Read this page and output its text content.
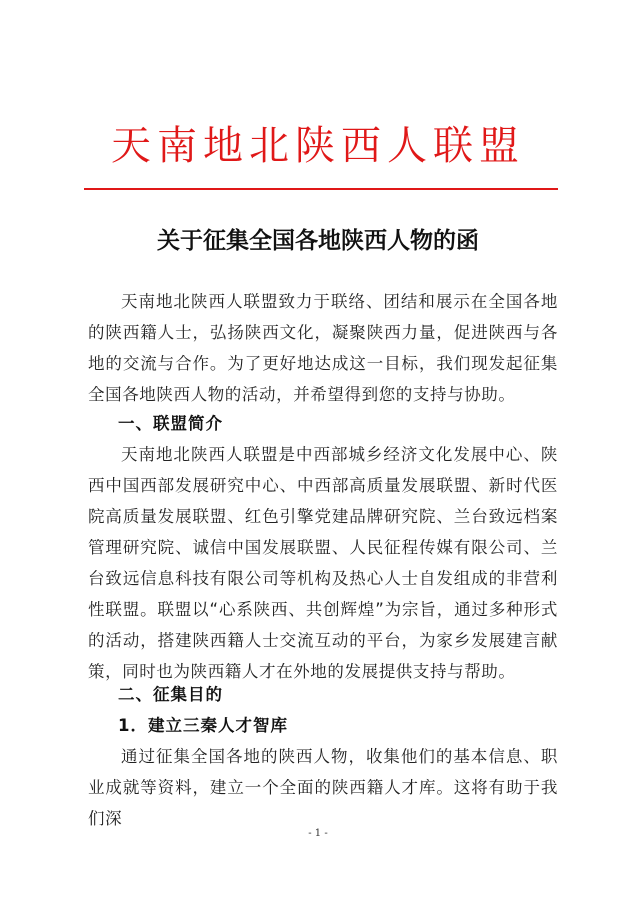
天南地北陕西人联盟
关于征集全国各地陕西人物的函

天南地北陕西人联盟致力于联络、团结和展示在全国各地的陕西籍人士，弘扬陕西文化，凝聚陕西力量，促进陕西与各地的交流与合作。为了更好地达成这一目标，我们现发起征集全国各地陕西人物的活动，并希望得到您的支持与协助。

一、联盟简介

天南地北陕西人联盟是中西部城乡经济文化发展中心、陕西中国西部发展研究中心、中西部高质量发展联盟、新时代医院高质量发展联盟、红色引擎党建品牌研究院、兰台致远档案管理研究院、诚信中国发展联盟、人民征程传媒有限公司、兰台致远信息科技有限公司等机构及热心人士自发组成的非营利性联盟。联盟以“心系陕西、共创辉煌”为宗旨，通过多种形式的活动，搭建陕西籍人士交流互动的平台，为家乡发展建言献策，同时也为陕西籍人才在外地的发展提供支持与帮助。

二、征集目的

1．建立三秦人才智库

通过征集全国各地的陕西人物，收集他们的基本信息、职业成就等资料，建立一个全面的陕西籍人才库。这将有助于我们深

- 1 -
